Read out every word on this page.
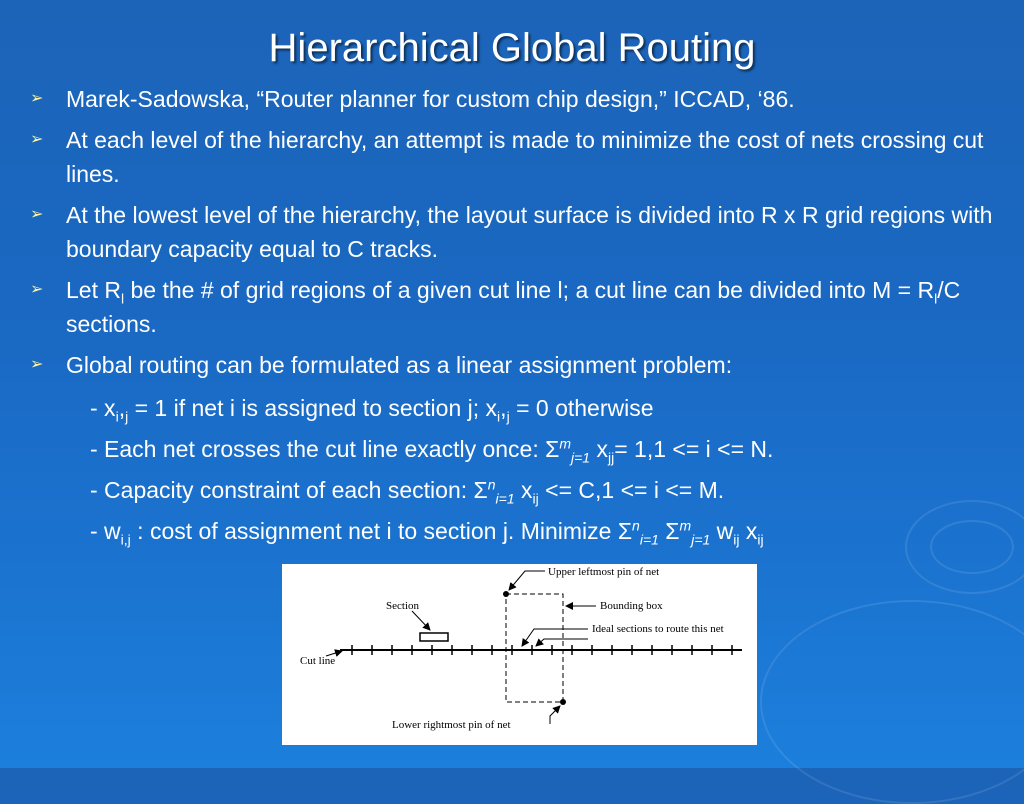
Hierarchical Global Routing
➢ Marek-Sadowska, “Router planner for custom chip design,” ICCAD, ‘86.
➢ At each level of the hierarchy, an attempt is made to minimize the cost of nets crossing cut lines.
➢ At the lowest level of the hierarchy, the layout surface is divided into R x R grid regions with boundary capacity equal to C tracks.
➢ Let $R_l$ be the # of grid regions of a given cut line l; a cut line can be divided into $M = R_l/C$ sections.
➢ Global routing can be formulated as a linear assignment problem:
- $x_i,_j = 1$ if net i is assigned to section j; $x_i,_j = 0$ otherwise
- Each net crosses the cut line exactly once: $\Sigma^m_{j=1}$ $x_{jj}= 1,1 <= i <= N$.
- Capacity constraint of each section: $\Sigma^n_{i=1}$ $x_{ij} <= C,1 <= i <= M$.
- $w_{i,j}$ : cost of assignment net i to section j. Minimize $\Sigma^n_{i=1}$ $\Sigma^m_{j=1}$ $w_{ij}$ $x_{ij}$
Upper leftmost pin of net
Bounding box
Section
Ideal sections to route this net
Cut line
Lower rightmost pin of net
